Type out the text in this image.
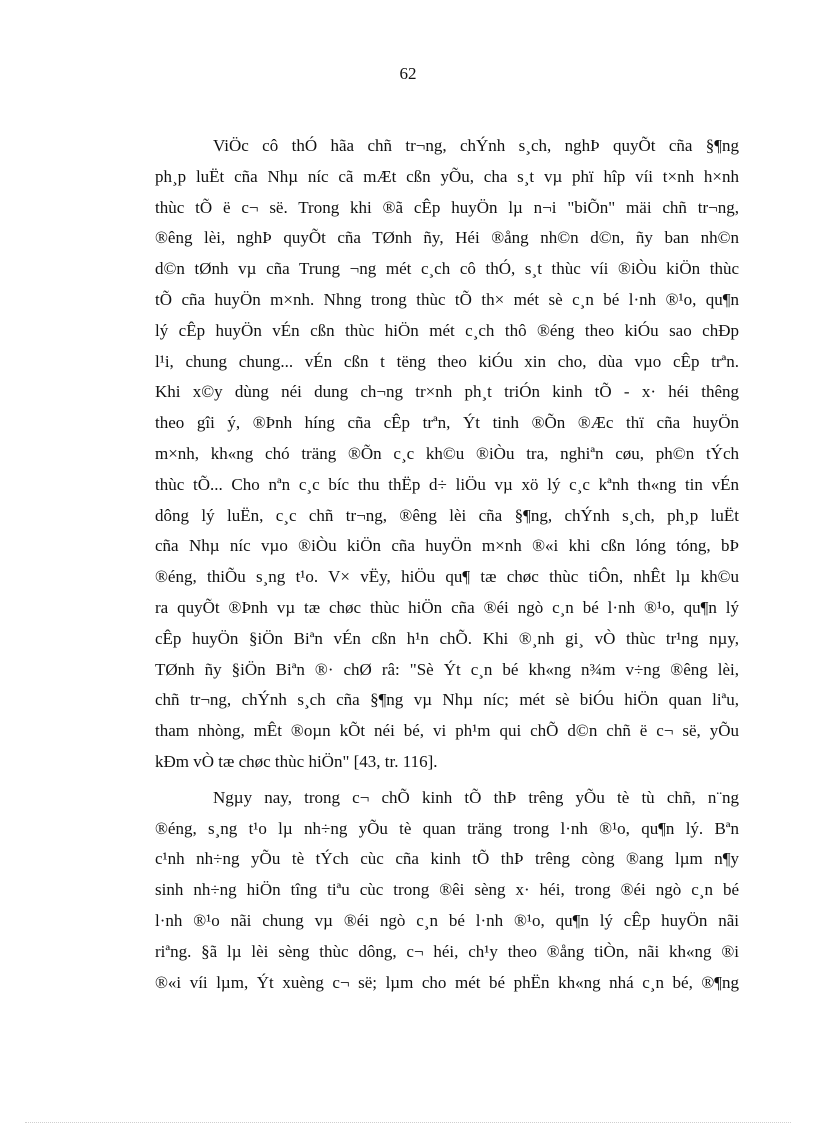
62
ViÖc cô thÓ hãa chñ tr¬ng, chÝnh s¸ch, nghÞ quyÕt cña §¶ng
ph¸p luËt cña Nhµ níc cã mÆt cßn yÕu, cha s¸t vµ phï hîp víi t×nh h×nh
thùc tÕ ë c¬ së. Trong khi ®ã cÊp huyÖn lµ n¬i "biÕn" mäi chñ tr¬ng,
®êng lèi, nghÞ quyÕt cña TØnh ñy, Héi ®ång nh©n d©n, ñy ban nh©n
d©n tØnh vµ cña Trung ¬ng mét c¸ch cô thÓ, s¸t thùc víi ®iÒu kiÖn thùc
tÕ cña huyÖn m×nh. Nhng trong thùc tÕ th× mét sè c¸n bé l·nh ®¹o, qu¶n
lý cÊp huyÖn vÉn cßn thùc hiÖn mét c¸ch thô ®éng theo kiÓu sao chÐp
l¹i, chung chung... vÉn cßn t tëng theo kiÓu xin cho, dùa vµo cÊp trªn.
Khi x©y dùng néi dung ch¬ng tr×nh ph¸t triÓn kinh tÕ - x· héi thêng
theo gîi ý, ®Þnh híng cña cÊp trªn, Ýt tinh ®Õn ®Æc thï cña huyÖn
m×nh, kh«ng chó träng ®Õn c¸c kh©u ®iÒu tra, nghiªn cøu, ph©n tÝch
thùc tÕ... Cho nªn c¸c bíc thu thËp d÷ liÖu vµ xö lý c¸c kªnh th«ng tin vÉn
dông lý luËn, c¸c chñ tr¬ng, ®êng lèi cña §¶ng, chÝnh s¸ch, ph¸p luËt
cña Nhµ níc vµo ®iÒu kiÖn cña huyÖn m×nh ®«i khi cßn lóng tóng, bÞ
®éng, thiÕu s¸ng t¹o. V× vËy, hiÖu qu¶ tæ chøc thùc tiÔn, nhÊt lµ kh©u
ra quyÕt ®Þnh vµ tæ chøc thùc hiÖn cña ®éi ngò c¸n bé l·nh ®¹o, qu¶n lý
cÊp huyÖn §iÖn Biªn vÉn cßn h¹n chÕ. Khi ®¸nh gi¸ vÒ thùc tr¹ng nµy,
TØnh ñy §iÖn Biªn ®· chØ râ: "Sè Ýt c¸n bé kh«ng n¾m v÷ng ®êng lèi,
chñ tr¬ng, chÝnh s¸ch cña §¶ng vµ Nhµ níc; mét sè biÓu hiÖn quan liªu,
tham nhòng, mÊt ®oµn kÕt néi bé, vi ph¹m qui chÕ d©n chñ ë c¬ së, yÕu
kÐm vÒ tæ chøc thùc hiÖn" [43, tr. 116].
Ngµy nay, trong c¬ chÕ kinh tÕ thÞ trêng yÕu tè tù chñ, n¨ng
®éng, s¸ng t¹o lµ nh÷ng yÕu tè quan träng trong l·nh ®¹o, qu¶n lý. Bªn
c¹nh nh÷ng yÕu tè tÝch cùc cña kinh tÕ thÞ trêng còng ®ang lµm n¶y
sinh nh÷ng hiÖn tîng tiªu cùc trong ®êi sèng x· héi, trong ®éi ngò c¸n bé
l·nh ®¹o nãi chung vµ ®éi ngò c¸n bé l·nh ®¹o, qu¶n lý cÊp huyÖn nãi
riªng. §ã lµ lèi sèng thùc dông, c¬ héi, ch¹y theo ®ång tiÒn, nãi kh«ng ®i
®«i víi lµm, Ýt xuèng c¬ së; lµm cho mét bé phËn kh«ng nhá c¸n bé, ®¶ng
